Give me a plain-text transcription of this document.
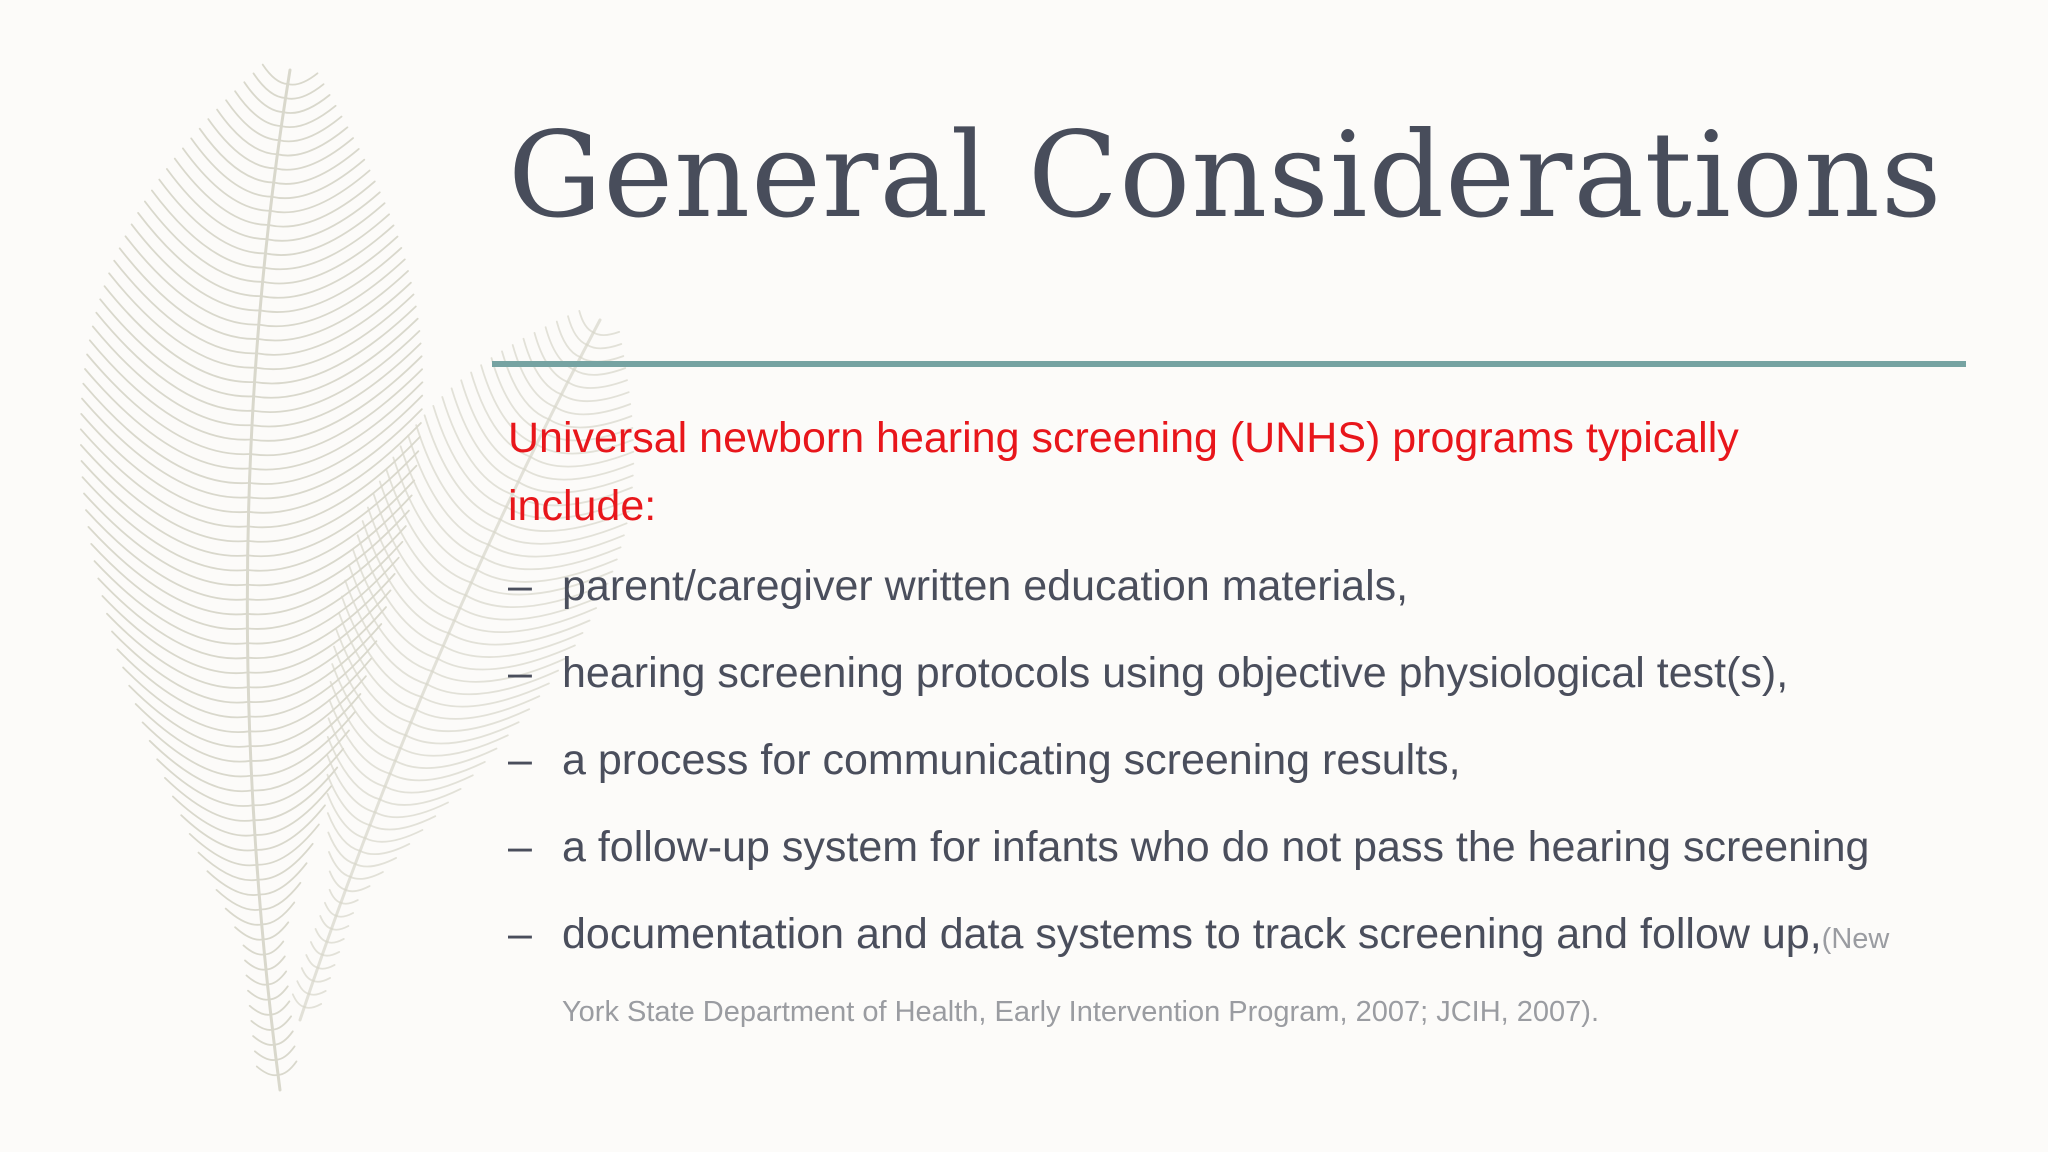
General Considerations

Universal newborn hearing screening (UNHS) programs typically include:

– parent/caregiver written education materials,
– hearing screening protocols using objective physiological test(s),
– a process for communicating screening results,
– a follow-up system for infants who do not pass the hearing screening
– documentation and data systems to track screening and follow up,(New York State Department of Health, Early Intervention Program, 2007; JCIH, 2007).
